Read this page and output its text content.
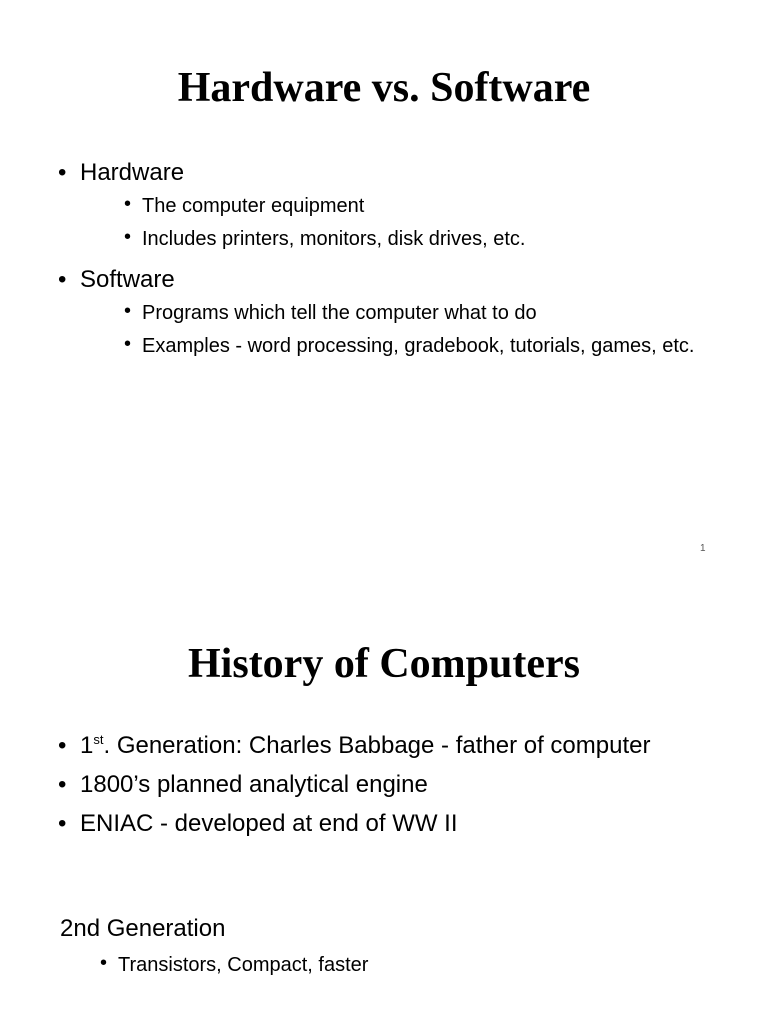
Hardware vs. Software
• Hardware
• The computer equipment
• Includes printers, monitors, disk drives, etc.
• Software
• Programs which tell the computer what to do
• Examples - word processing, gradebook, tutorials, games, etc.
1
History of Computers
• 1st. Generation: Charles Babbage - father of computer
• 1800’s planned analytical engine
• ENIAC - developed at end of WW II

2nd Generation

• Transistors, Compact, faster
